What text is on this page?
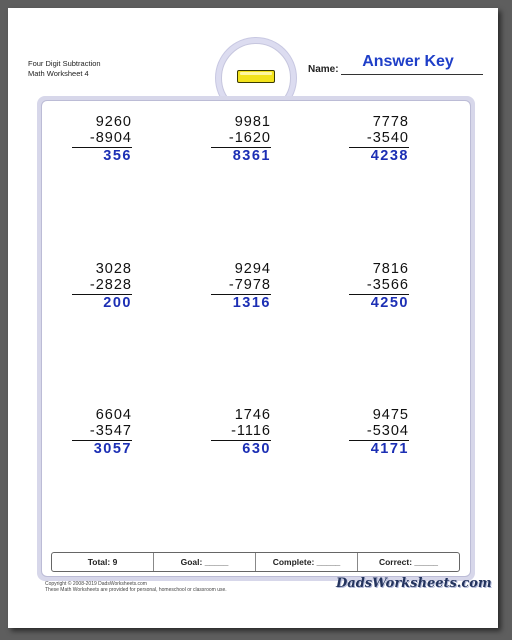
Four Digit Subtraction
Math Worksheet 4	Name:	Answer Key
9260
-8904
356
9981
-1620
8361
7778
-3540
4238
3028
-2828
200
9294
-7978
1316
7816
-3566
4250
6604
-3547
3057
1746
-1116
630
9475
-5304
4171
Total: 9	Goal: _____	Complete: _____	Correct: _____
Copyright © 2008-2019 DadsWorksheets.com
These Math Worksheets are provided for personal, homeschool or classroom use.	DadsWorksheets.com
